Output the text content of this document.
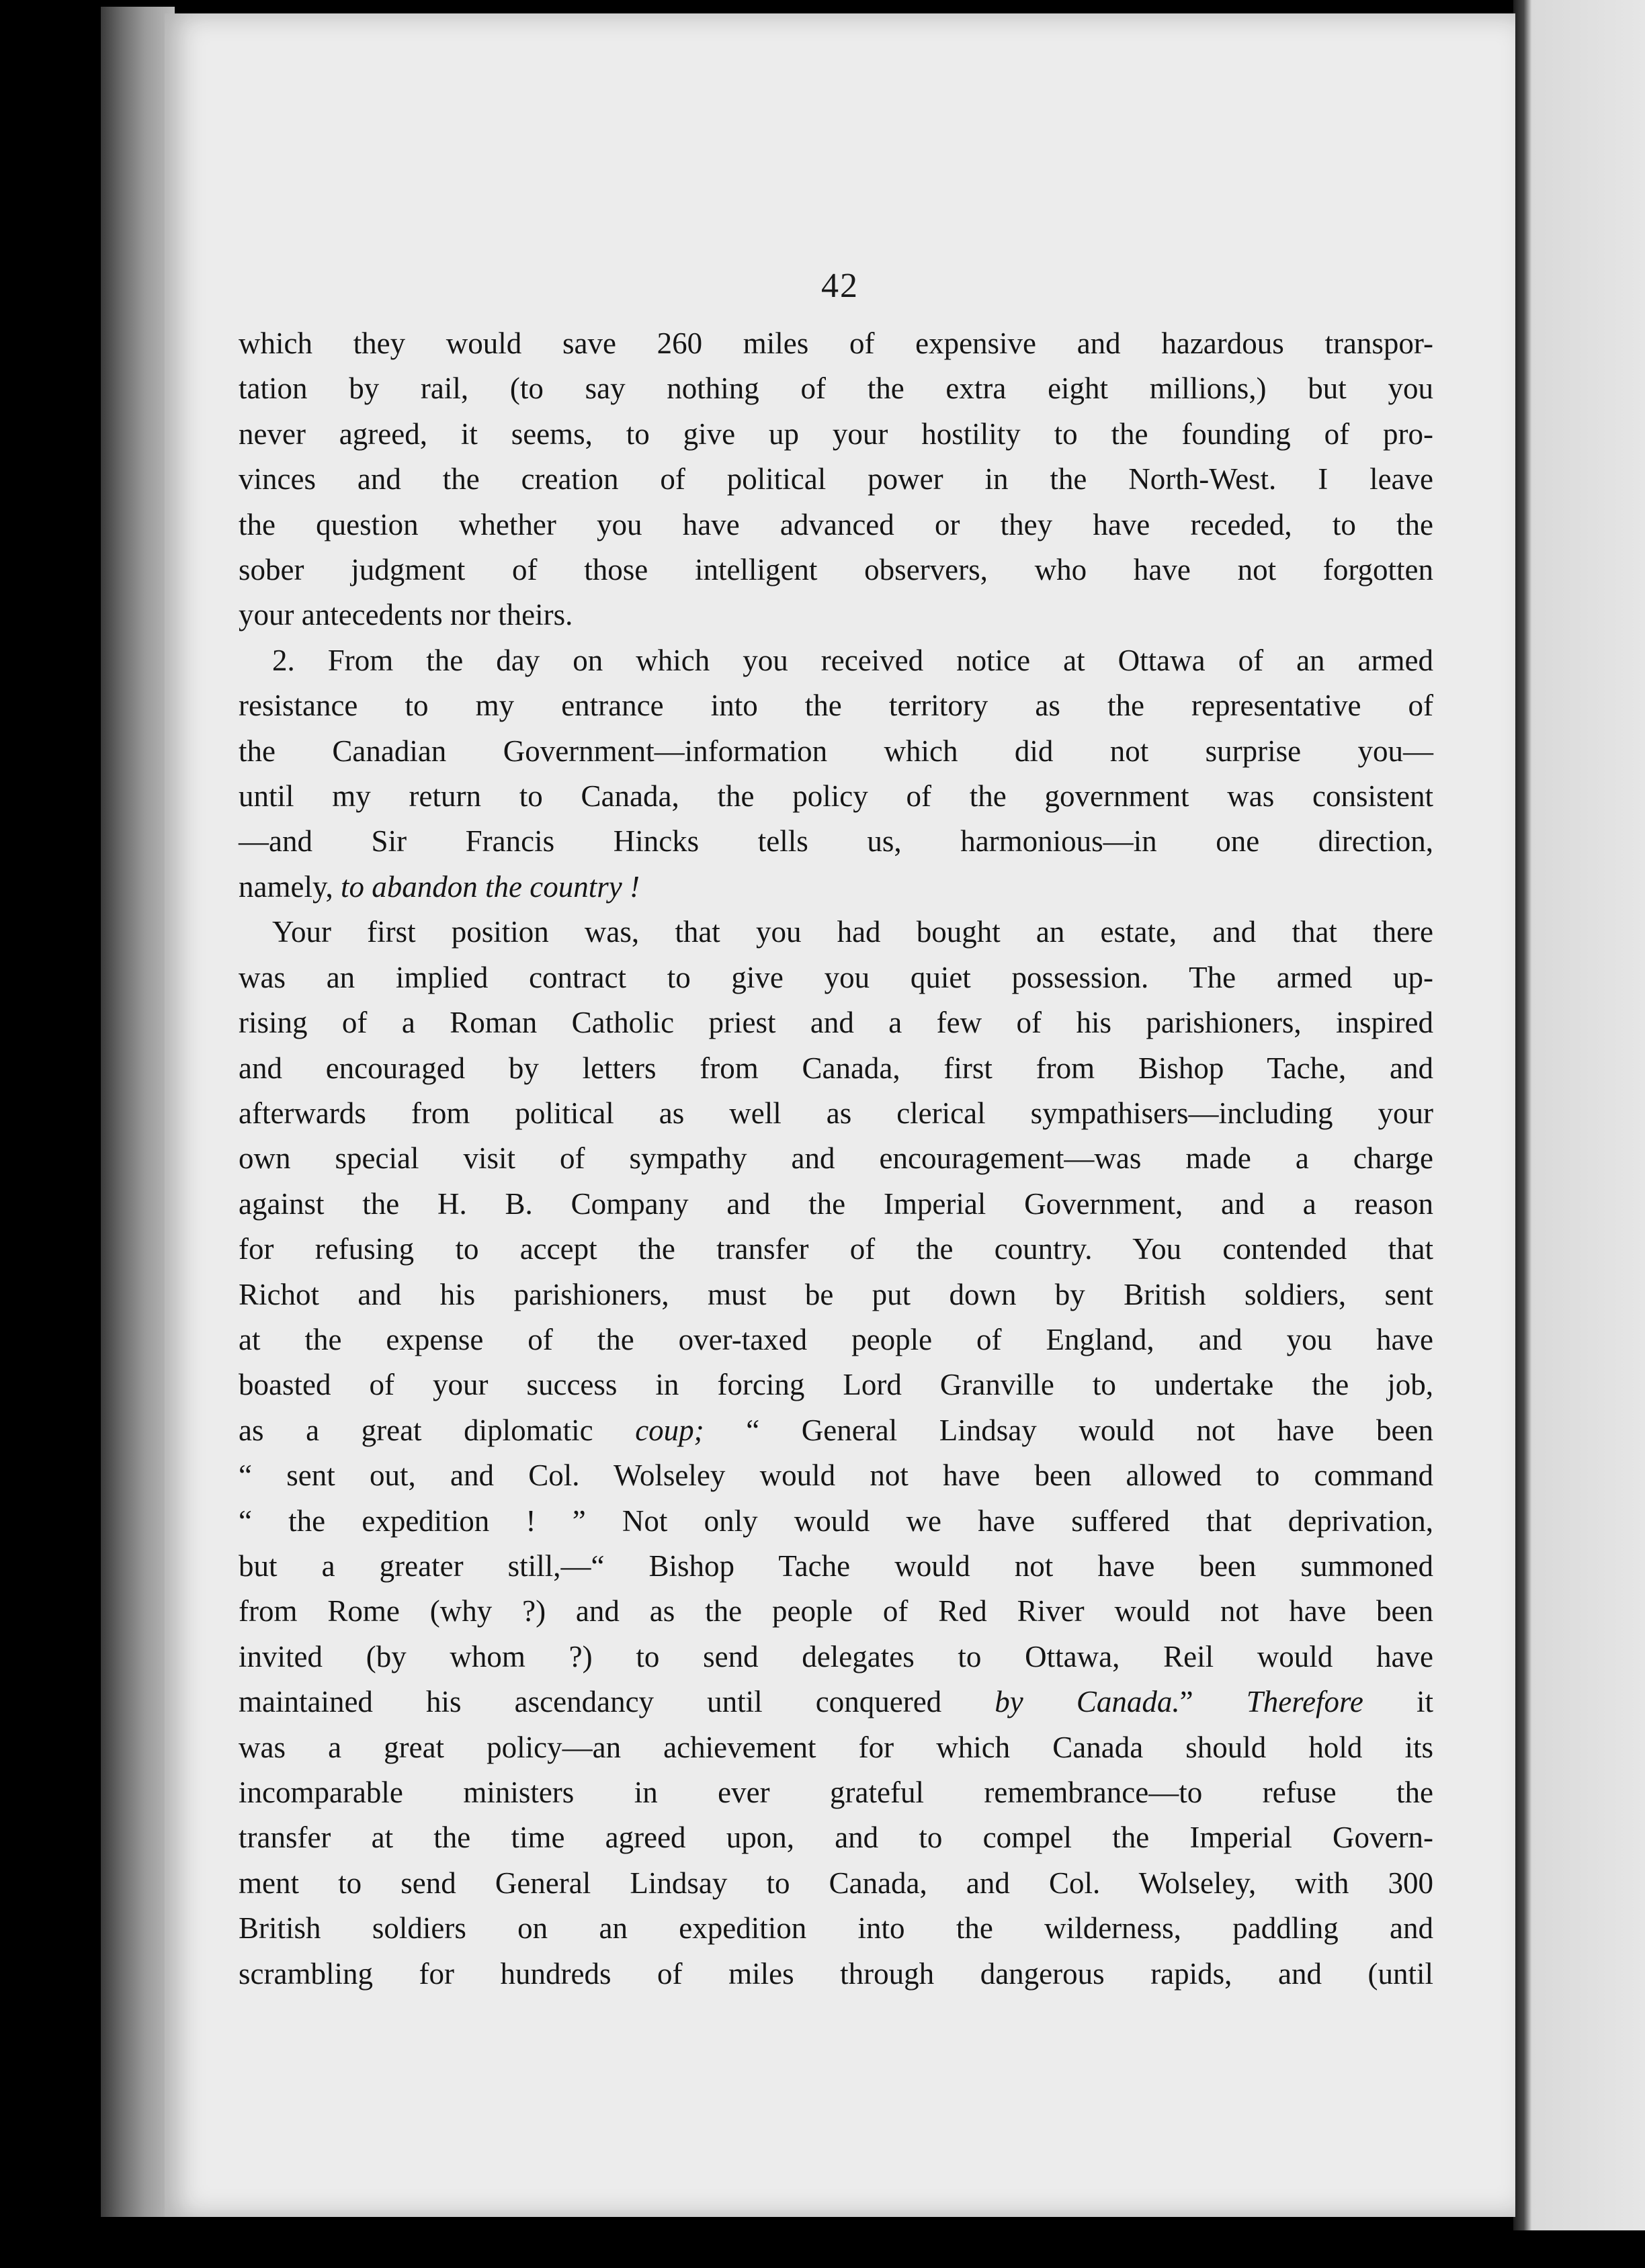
42

which they would save 260 miles of expensive and hazardous transpor-
tation by rail, (to say nothing of the extra eight millions,) but you
never agreed, it seems, to give up your hostility to the founding of pro-
vinces and the creation of political power in the North-West. I leave
the question whether you have advanced or they have receded, to the
sober judgment of those intelligent observers, who have not forgotten
your antecedents nor theirs.

2. From the day on which you received notice at Ottawa of an armed
resistance to my entrance into the territory as the representative of
the Canadian Government—information which did not surprise you—
until my return to Canada, the policy of the government was consistent
—and Sir Francis Hincks tells us, harmonious—in one direction,
namely, to abandon the country !

Your first position was, that you had bought an estate, and that there
was an implied contract to give you quiet possession. The armed up-
rising of a Roman Catholic priest and a few of his parishioners, inspired
and encouraged by letters from Canada, first from Bishop Tache, and
afterwards from political as well as clerical sympathisers—including your
own special visit of sympathy and encouragement—was made a charge
against the H. B. Company and the Imperial Government, and a reason
for refusing to accept the transfer of the country. You contended that
Richot and his parishioners, must be put down by British soldiers, sent
at the expense of the over-taxed people of England, and you have
boasted of your success in forcing Lord Granville to undertake the job,
as a great diplomatic coup; “ General Lindsay would not have been
“ sent out, and Col. Wolseley would not have been allowed to command
“ the expedition ! ” Not only would we have suffered that deprivation,
but a greater still,—“ Bishop Tache would not have been summoned
from Rome (why ?) and as the people of Red River would not have been
invited (by whom ?) to send delegates to Ottawa, Reil would have
maintained his ascendancy until conquered by Canada.” Therefore it
was a great policy—an achievement for which Canada should hold its
incomparable ministers in ever grateful remembrance—to refuse the
transfer at the time agreed upon, and to compel the Imperial Govern-
ment to send General Lindsay to Canada, and Col. Wolseley, with 300
British soldiers on an expedition into the wilderness, paddling and
scrambling for hundreds of miles through dangerous rapids, and (until
